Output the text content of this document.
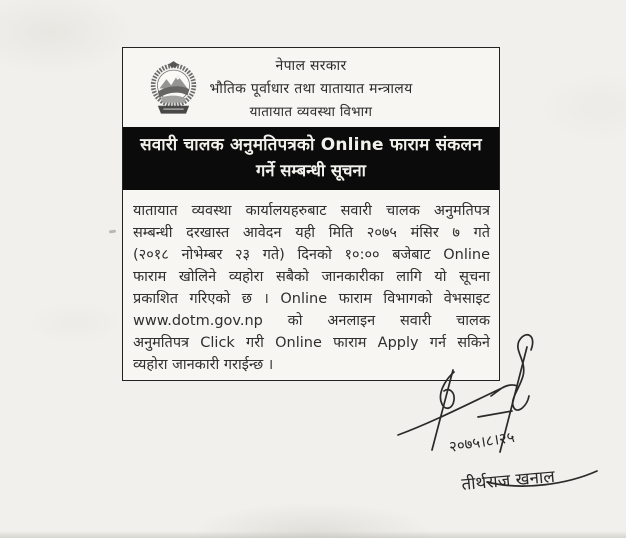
नेपाल सरकार
भौतिक पूर्वाधार तथा यातायात मन्त्रालय
यातायात व्यवस्था विभाग
सवारी चालक अनुमतिपत्रको Online फाराम संकलन
गर्ने सम्बन्धी सूचना
यातायात व्यवस्था कार्यालयहरुबाट सवारी चालक अनुमतिपत्र
सम्बन्धी दरखास्त आवेदन यही मिति २०७५ मंसिर ७ गते
(२०१८ नोभेम्बर २३ गते) दिनको १०:०० बजेबाट Online
फाराम खोलिने व्यहोरा सबैको जानकारीका लागि यो सूचना
प्रकाशित गरिएको छ । Online फाराम विभागको वेभसाइट
www.dotm.gov.np को अनलाइन सवारी चालक
अनुमतिपत्र Click गरी Online फाराम Apply गर्न सकिने
व्यहोरा जानकारी गराईन्छ ।
२०७५।८।२५
तीर्थराज खनाल
